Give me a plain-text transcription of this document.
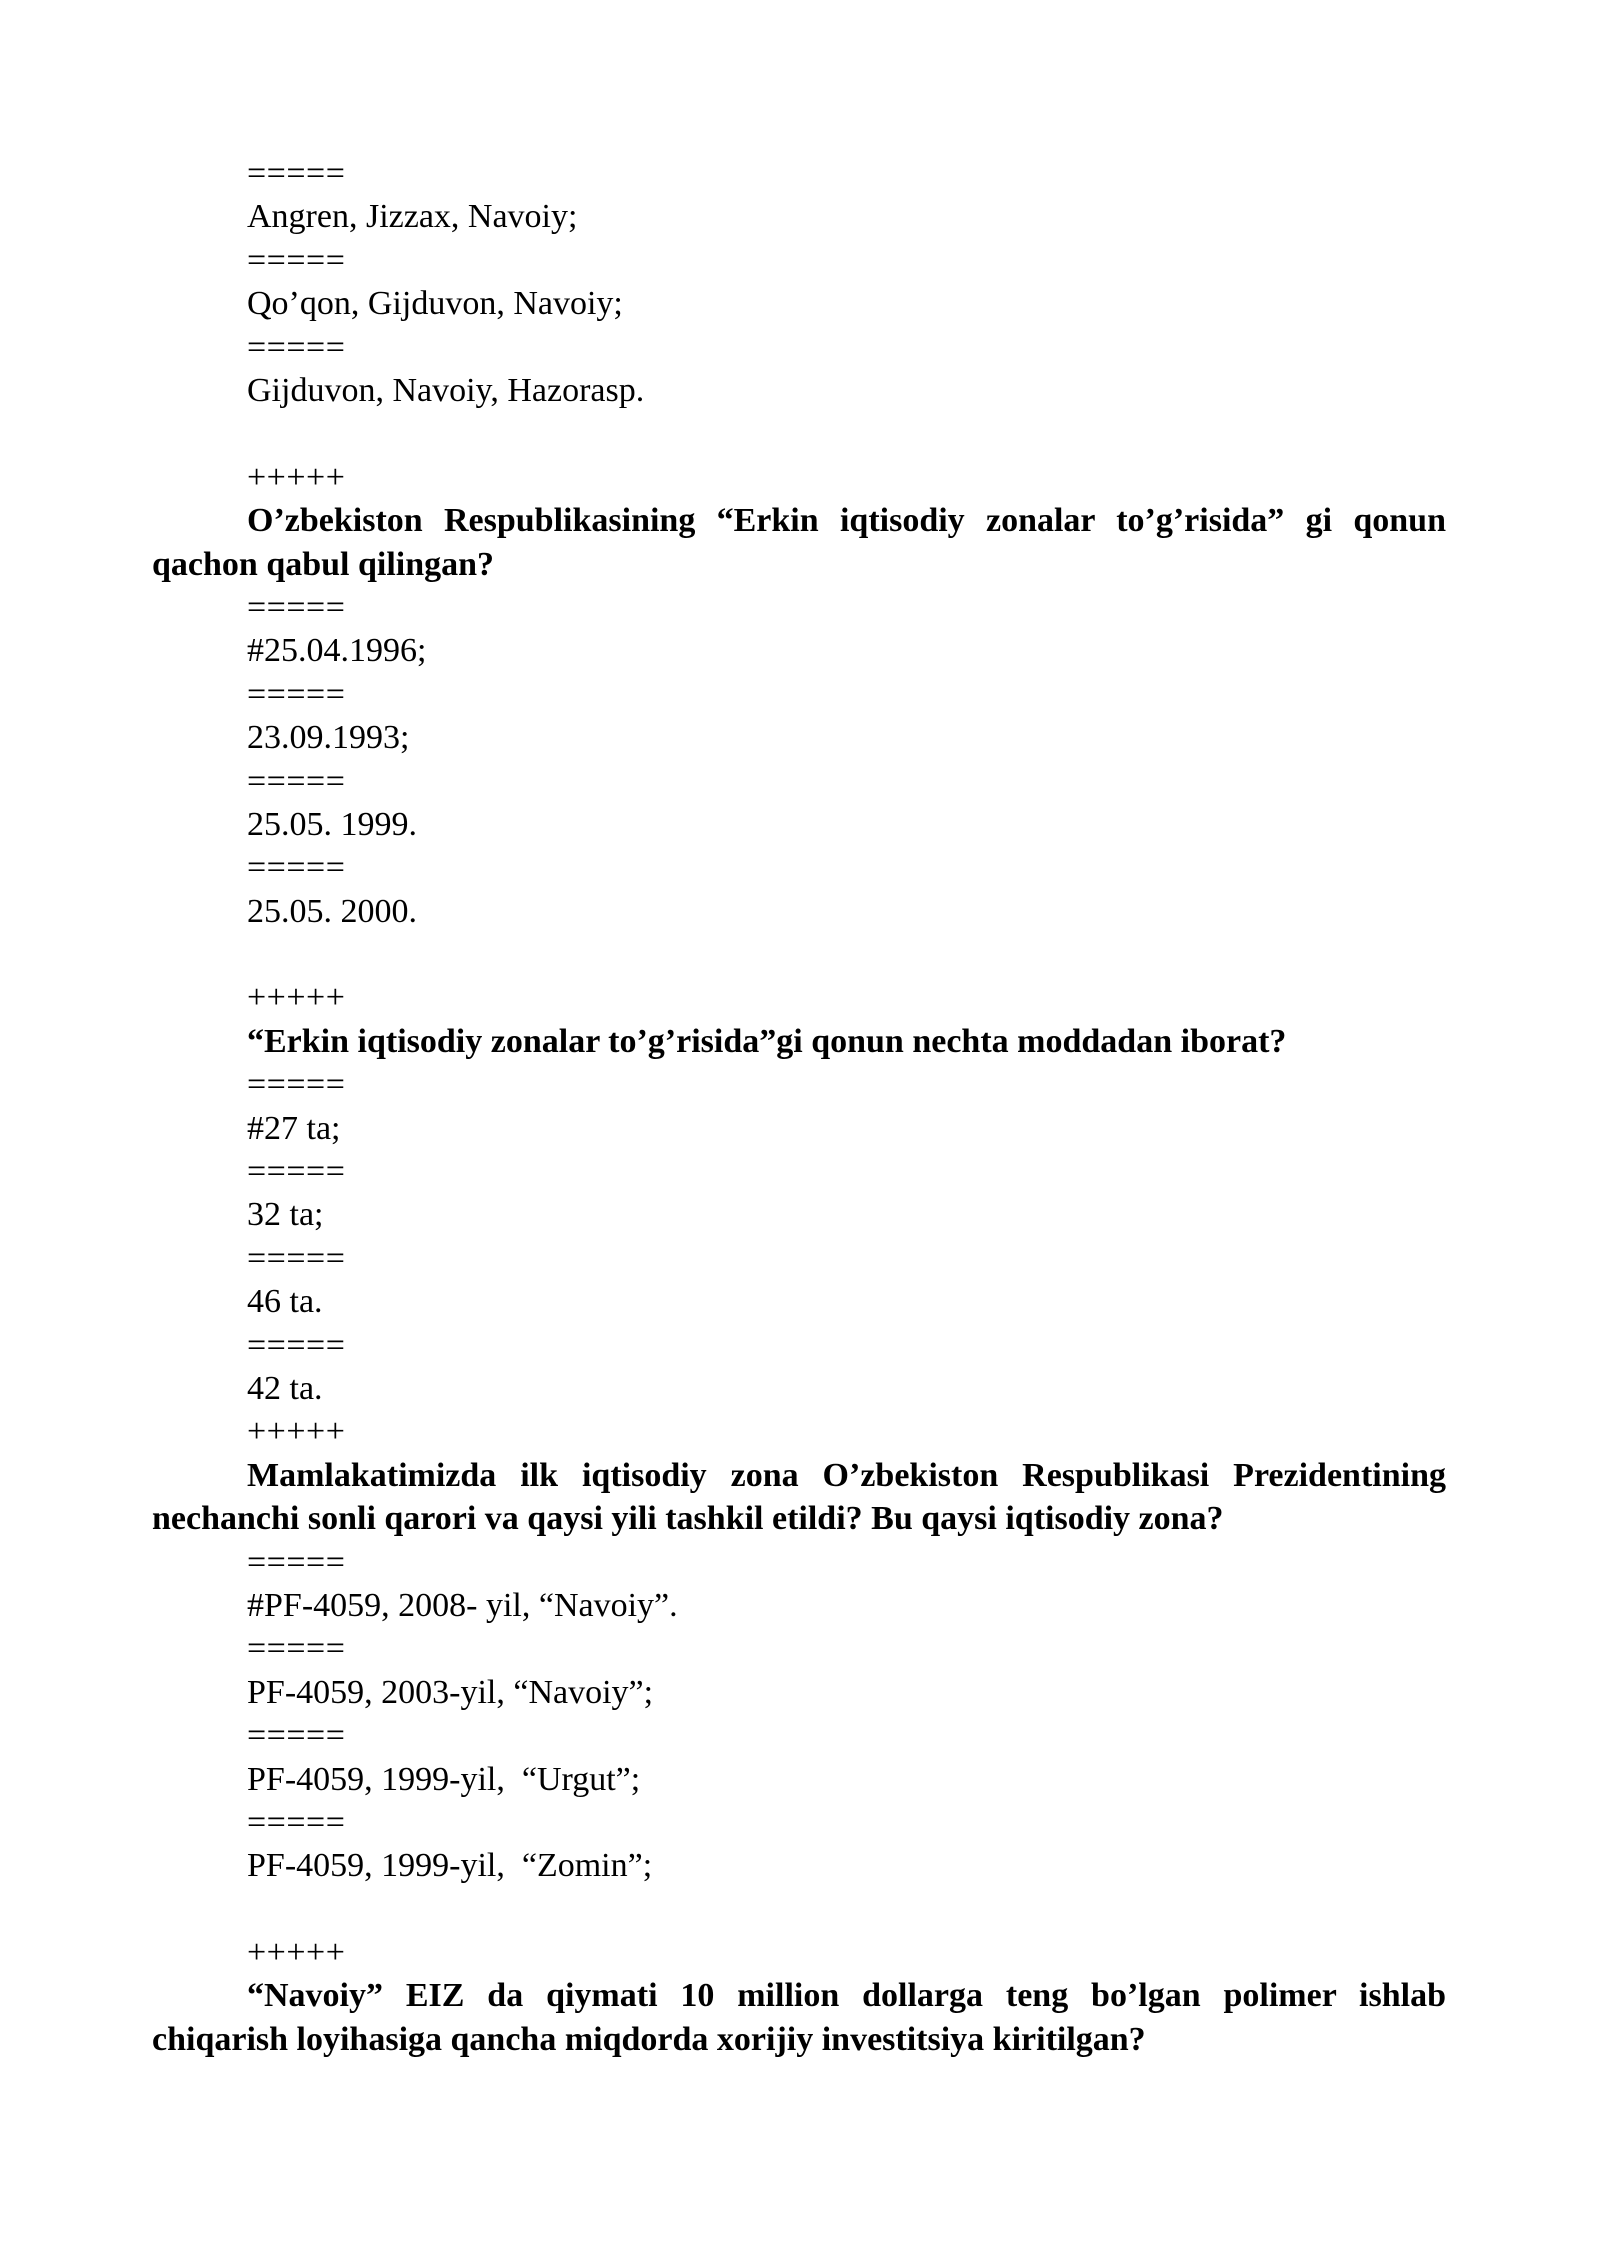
=====

Angren, Jizzax, Navoiy;

=====

Qo’qon, Gijduvon, Navoiy;

=====

Gijduvon, Navoiy, Hazorasp.

+++++

O’zbekiston Respublikasining “Erkin iqtisodiy zonalar to’g’risida” gi qonun qachon qabul qilingan?

=====

#25.04.1996;

=====

23.09.1993;

=====

25.05. 1999.

=====

25.05. 2000.

+++++

“Erkin iqtisodiy zonalar to’g’risida”gi qonun nechta moddadan iborat?

=====

#27 ta;

=====

32 ta;

=====

46 ta.

=====

42 ta.

+++++

Mamlakatimizda ilk iqtisodiy zona O’zbekiston Respublikasi Prezidentining nechanchi sonli qarori va qaysi yili tashkil etildi? Bu qaysi iqtisodiy zona?

=====

#PF-4059, 2008- yil, “Navoiy”.

=====

PF-4059, 2003-yil, “Navoiy”;

=====

PF-4059, 1999-yil,  “Urgut”;

=====

PF-4059, 1999-yil,  “Zomin”;

+++++

“Navoiy” EIZ da qiymati 10 million dollarga teng bo’lgan polimer ishlab chiqarish loyihasiga qancha miqdorda xorijiy investitsiya kiritilgan?
